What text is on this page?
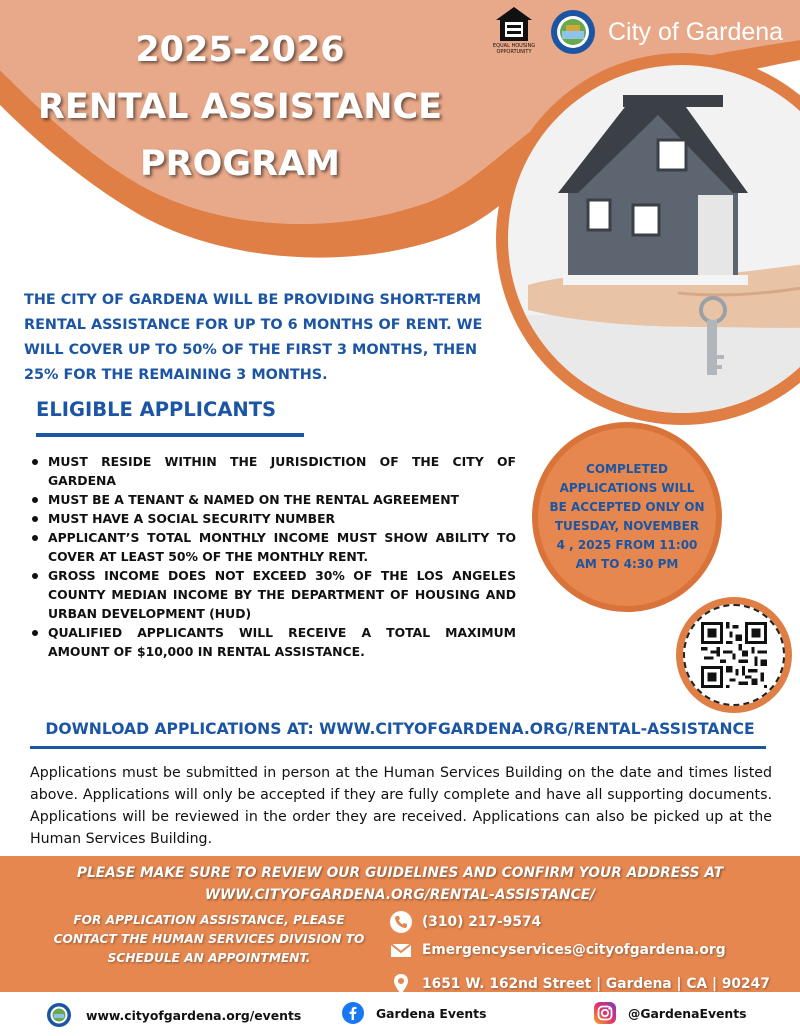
EQUAL HOUSING
OPPORTUNITY
City of Gardena
2025-2026
RENTAL ASSISTANCE
PROGRAM
THE CITY OF GARDENA WILL BE PROVIDING SHORT-TERM RENTAL ASSISTANCE FOR UP TO 6 MONTHS OF RENT. WE WILL COVER UP TO 50% OF THE FIRST 3 MONTHS, THEN 25% FOR THE REMAINING 3 MONTHS.
ELIGIBLE APPLICANTS
MUST RESIDE WITHIN THE JURISDICTION OF THE CITY OF GARDENA
MUST BE A TENANT & NAMED ON THE RENTAL AGREEMENT
MUST HAVE A SOCIAL SECURITY NUMBER
APPLICANT’S TOTAL MONTHLY INCOME MUST SHOW ABILITY TO COVER AT LEAST 50% OF THE MONTHLY RENT.
GROSS INCOME DOES NOT EXCEED 30% OF THE LOS ANGELES COUNTY MEDIAN INCOME BY THE DEPARTMENT OF HOUSING AND URBAN DEVELOPMENT (HUD)
QUALIFIED APPLICANTS WILL RECEIVE A TOTAL MAXIMUM AMOUNT OF $10,000 IN RENTAL ASSISTANCE.
COMPLETED APPLICATIONS WILL BE ACCEPTED ONLY ON TUESDAY, NOVEMBER 4 , 2025 FROM 11:00 AM TO 4:30 PM
DOWNLOAD APPLICATIONS AT: WWW.CITYOFGARDENA.ORG/RENTAL-ASSISTANCE
Applications must be submitted in person at the Human Services Building on the date and times listed above. Applications will only be accepted if they are fully complete and have all supporting documents. Applications will be reviewed in the order they are received. Applications can also be picked up at the Human Services Building.
PLEASE MAKE SURE TO REVIEW OUR GUIDELINES AND CONFIRM YOUR ADDRESS AT WWW.CITYOFGARDENA.ORG/RENTAL-ASSISTANCE/
FOR APPLICATION ASSISTANCE, PLEASE CONTACT THE HUMAN SERVICES DIVISION TO SCHEDULE AN APPOINTMENT.
(310) 217-9574
Emergencyservices@cityofgardena.org
1651 W. 162nd Street | Gardena | CA | 90247
www.cityofgardena.org/events	Gardena Events	@GardenaEvents
